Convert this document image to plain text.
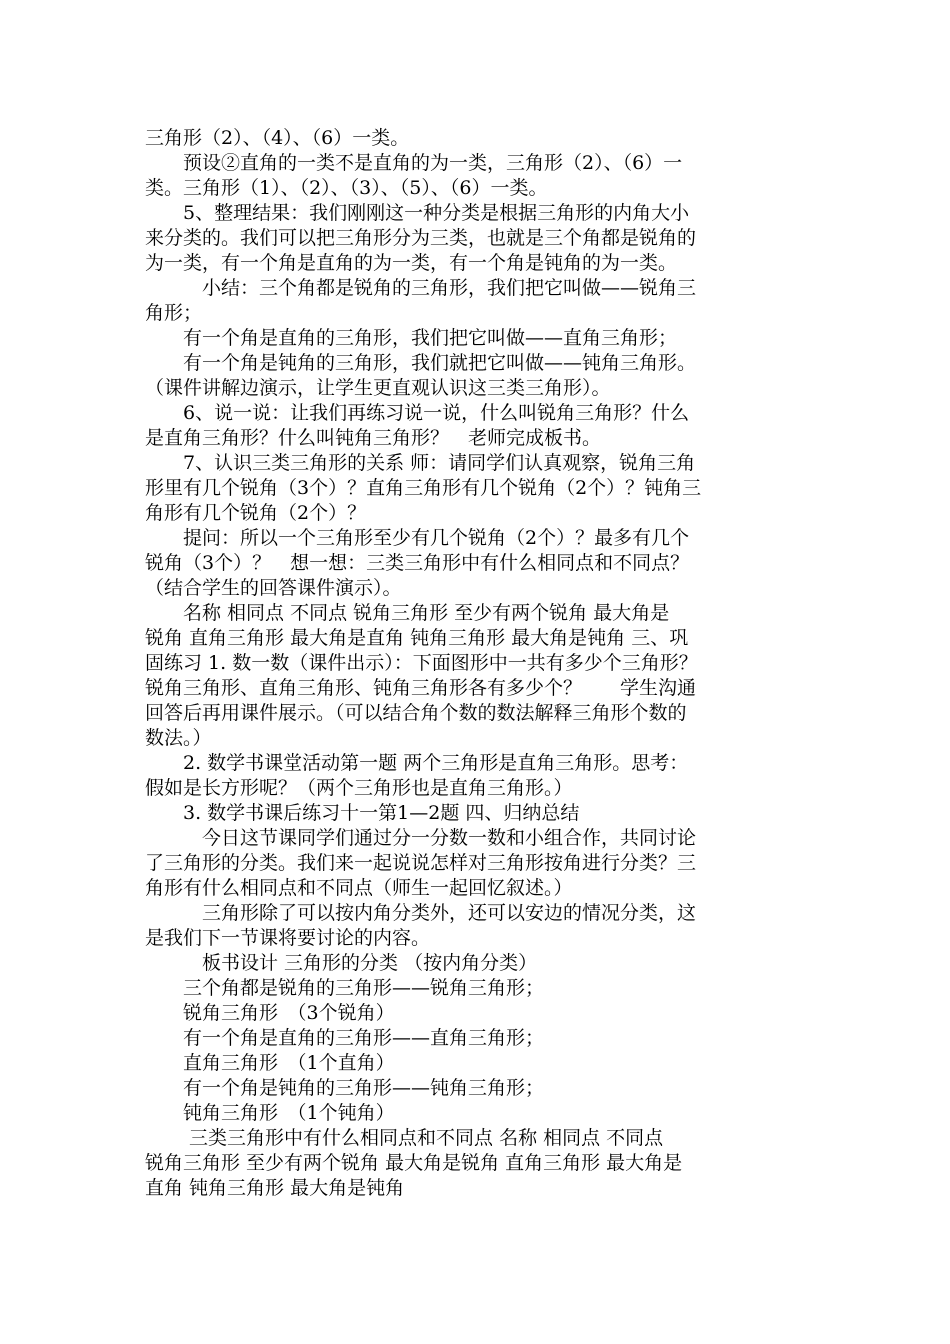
三角形（2）、（4）、（6）一类。
　　预设②直角的一类不是直角的为一类，三角形（2）、（6）一
类。三角形（1）、（2）、（3）、（5）、（6）一类。
　　5、整理结果：我们刚刚这一种分类是根据三角形的内角大小
来分类的。我们可以把三角形分为三类，也就是三个角都是锐角的
为一类，有一个角是直角的为一类，有一个角是钝角的为一类。
　　　小结：三个角都是锐角的三角形，我们把它叫做——锐角三
角形；
　　有一个角是直角的三角形，我们把它叫做——直角三角形；
　　有一个角是钝角的三角形，我们就把它叫做——钝角三角形。
（课件讲解边演示，让学生更直观认识这三类三角形）。
　　6、说一说：让我们再练习说一说，什么叫锐角三角形？什么
是直角三角形？什么叫钝角三角形？　老师完成板书。
　　7、认识三类三角形的关系 师：请同学们认真观察，锐角三角
形里有几个锐角（3个）？直角三角形有几个锐角（2个）？钝角三
角形有几个锐角（2个）？
　　提问：所以一个三角形至少有几个锐角（2个）？最多有几个
锐角（3个）？　想一想：三类三角形中有什么相同点和不同点？
（结合学生的回答课件演示）。
　　名称 相同点 不同点 锐角三角形 至少有两个锐角 最大角是
锐角 直角三角形 最大角是直角 钝角三角形 最大角是钝角 三、巩
固练习 1. 数一数（课件出示）：下面图形中一共有多少个三角形？
锐角三角形、直角三角形、钝角三角形各有多少个？　　学生沟通
回答后再用课件展示。（可以结合角个数的数法解释三角形个数的
数法。）
　　2. 数学书课堂活动第一题 两个三角形是直角三角形。思考：
假如是长方形呢？（两个三角形也是直角三角形。）
　　3. 数学书课后练习十一第1—2题 四、归纳总结
　　　今日这节课同学们通过分一分数一数和小组合作，共同讨论
了三角形的分类。我们来一起说说怎样对三角形按角进行分类？三
角形有什么相同点和不同点（师生一起回忆叙述。）
　　　三角形除了可以按内角分类外，还可以安边的情况分类，这
是我们下一节课将要讨论的内容。
　　　板书设计 三角形的分类 （按内角分类）
　　三个角都是锐角的三角形——锐角三角形；
　　锐角三角形　（3个锐角）
　　有一个角是直角的三角形——直角三角形；
　　直角三角形　（1个直角）
　　有一个角是钝角的三角形——钝角三角形；
　　钝角三角形　（1个钝角）
　　 三类三角形中有什么相同点和不同点 名称 相同点 不同点
锐角三角形 至少有两个锐角 最大角是锐角 直角三角形 最大角是
直角 钝角三角形 最大角是钝角
